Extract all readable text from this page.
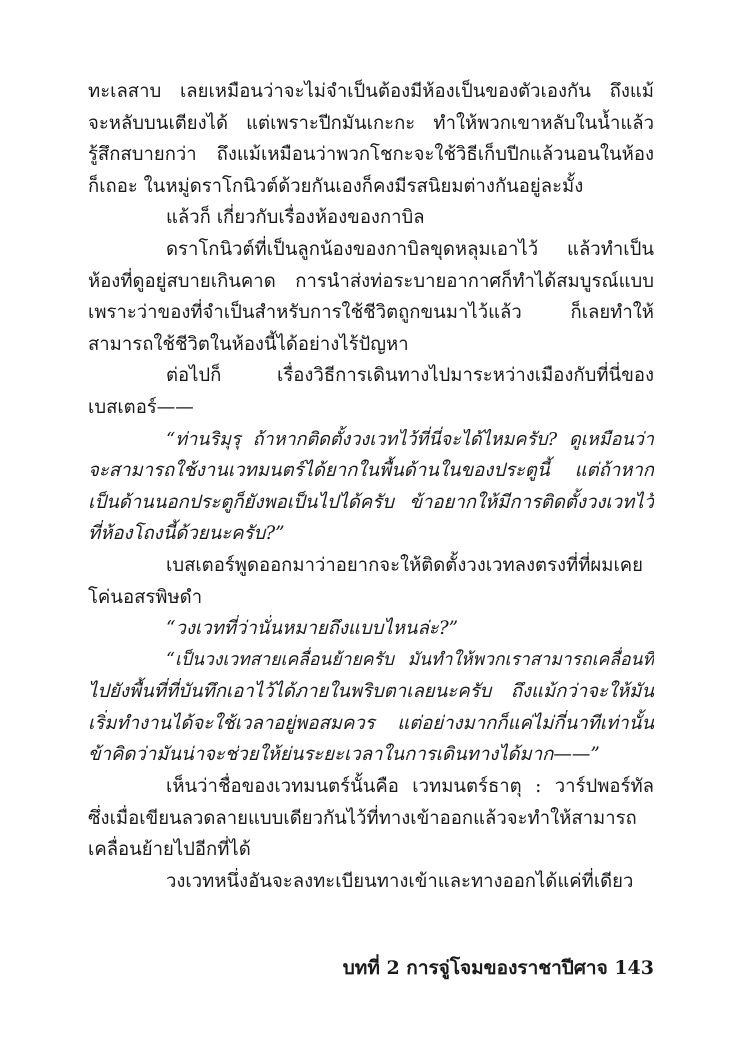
ทะเลสาบ เลยเหมือนว่าจะไม่จำเป็นต้องมีห้องเป็นของตัวเองกัน ถึงแม้
จะหลับบนเตียงได้ แต่เพราะปีกมันเกะกะ ทำให้พวกเขาหลับในน้ำแล้ว
รู้สึกสบายกว่า ถึงแม้เหมือนว่าพวกโชกะจะใช้วิธีเก็บปีกแล้วนอนในห้อง
ก็เถอะ ในหมู่ดราโกนิวต์ด้วยกันเองก็คงมีรสนิยมต่างกันอยู่ละมั้ง
แล้วก็ เกี่ยวกับเรื่องห้องของกาบิล
ดราโกนิวต์ที่เป็นลูกน้องของกาบิลขุดหลุมเอาไว้ แล้วทำเป็น
ห้องที่ดูอยู่สบายเกินคาด การนำส่งท่อระบายอากาศก็ทำได้สมบูรณ์แบบ
เพราะว่าของที่จำเป็นสำหรับการใช้ชีวิตถูกขนมาไว้แล้ว ก็เลยทำให้
สามารถใช้ชีวิตในห้องนี้ได้อย่างไร้ปัญหา
ต่อไปก็ เรื่องวิธีการเดินทางไปมาระหว่างเมืองกับที่นี่ของ
เบสเตอร์——
“ท่านริมุรุ ถ้าหากติดตั้งวงเวทไว้ที่นี่จะได้ไหมครับ? ดูเหมือนว่า
จะสามารถใช้งานเวทมนตร์ได้ยากในพื้นด้านในของประตูนี้ แต่ถ้าหาก
เป็นด้านนอกประตูก็ยังพอเป็นไปได้ครับ ข้าอยากให้มีการติดตั้งวงเวทไว้
ที่ห้องโถงนี้ด้วยนะครับ?”
เบสเตอร์พูดออกมาว่าอยากจะให้ติดตั้งวงเวทลงตรงที่ที่ผมเคย
โค่นอสรพิษดำ
“วงเวทที่ว่านั่นหมายถึงแบบไหนล่ะ?”
“เป็นวงเวทสายเคลื่อนย้ายครับ มันทำให้พวกเราสามารถเคลื่อนที่
ไปยังพื้นที่ที่บันทึกเอาไว้ได้ภายในพริบตาเลยนะครับ ถึงแม้กว่าจะให้มัน
เริ่มทำงานได้จะใช้เวลาอยู่พอสมควร แต่อย่างมากก็แค่ไม่กี่นาทีเท่านั้น
ข้าคิดว่ามันน่าจะช่วยให้ย่นระยะเวลาในการเดินทางได้มาก——”
เห็นว่าชื่อของเวทมนตร์นั้นคือ เวทมนตร์ธาตุ : วาร์ปพอร์ทัล
ซึ่งเมื่อเขียนลวดลายแบบเดียวกันไว้ที่ทางเข้าออกแล้วจะทำให้สามารถ
เคลื่อนย้ายไปอีกที่ได้
วงเวทหนึ่งอันจะลงทะเบียนทางเข้าและทางออกได้แค่ที่เดียว
บทที่ 2 การจู่โจมของราชาปีศาจ 143
